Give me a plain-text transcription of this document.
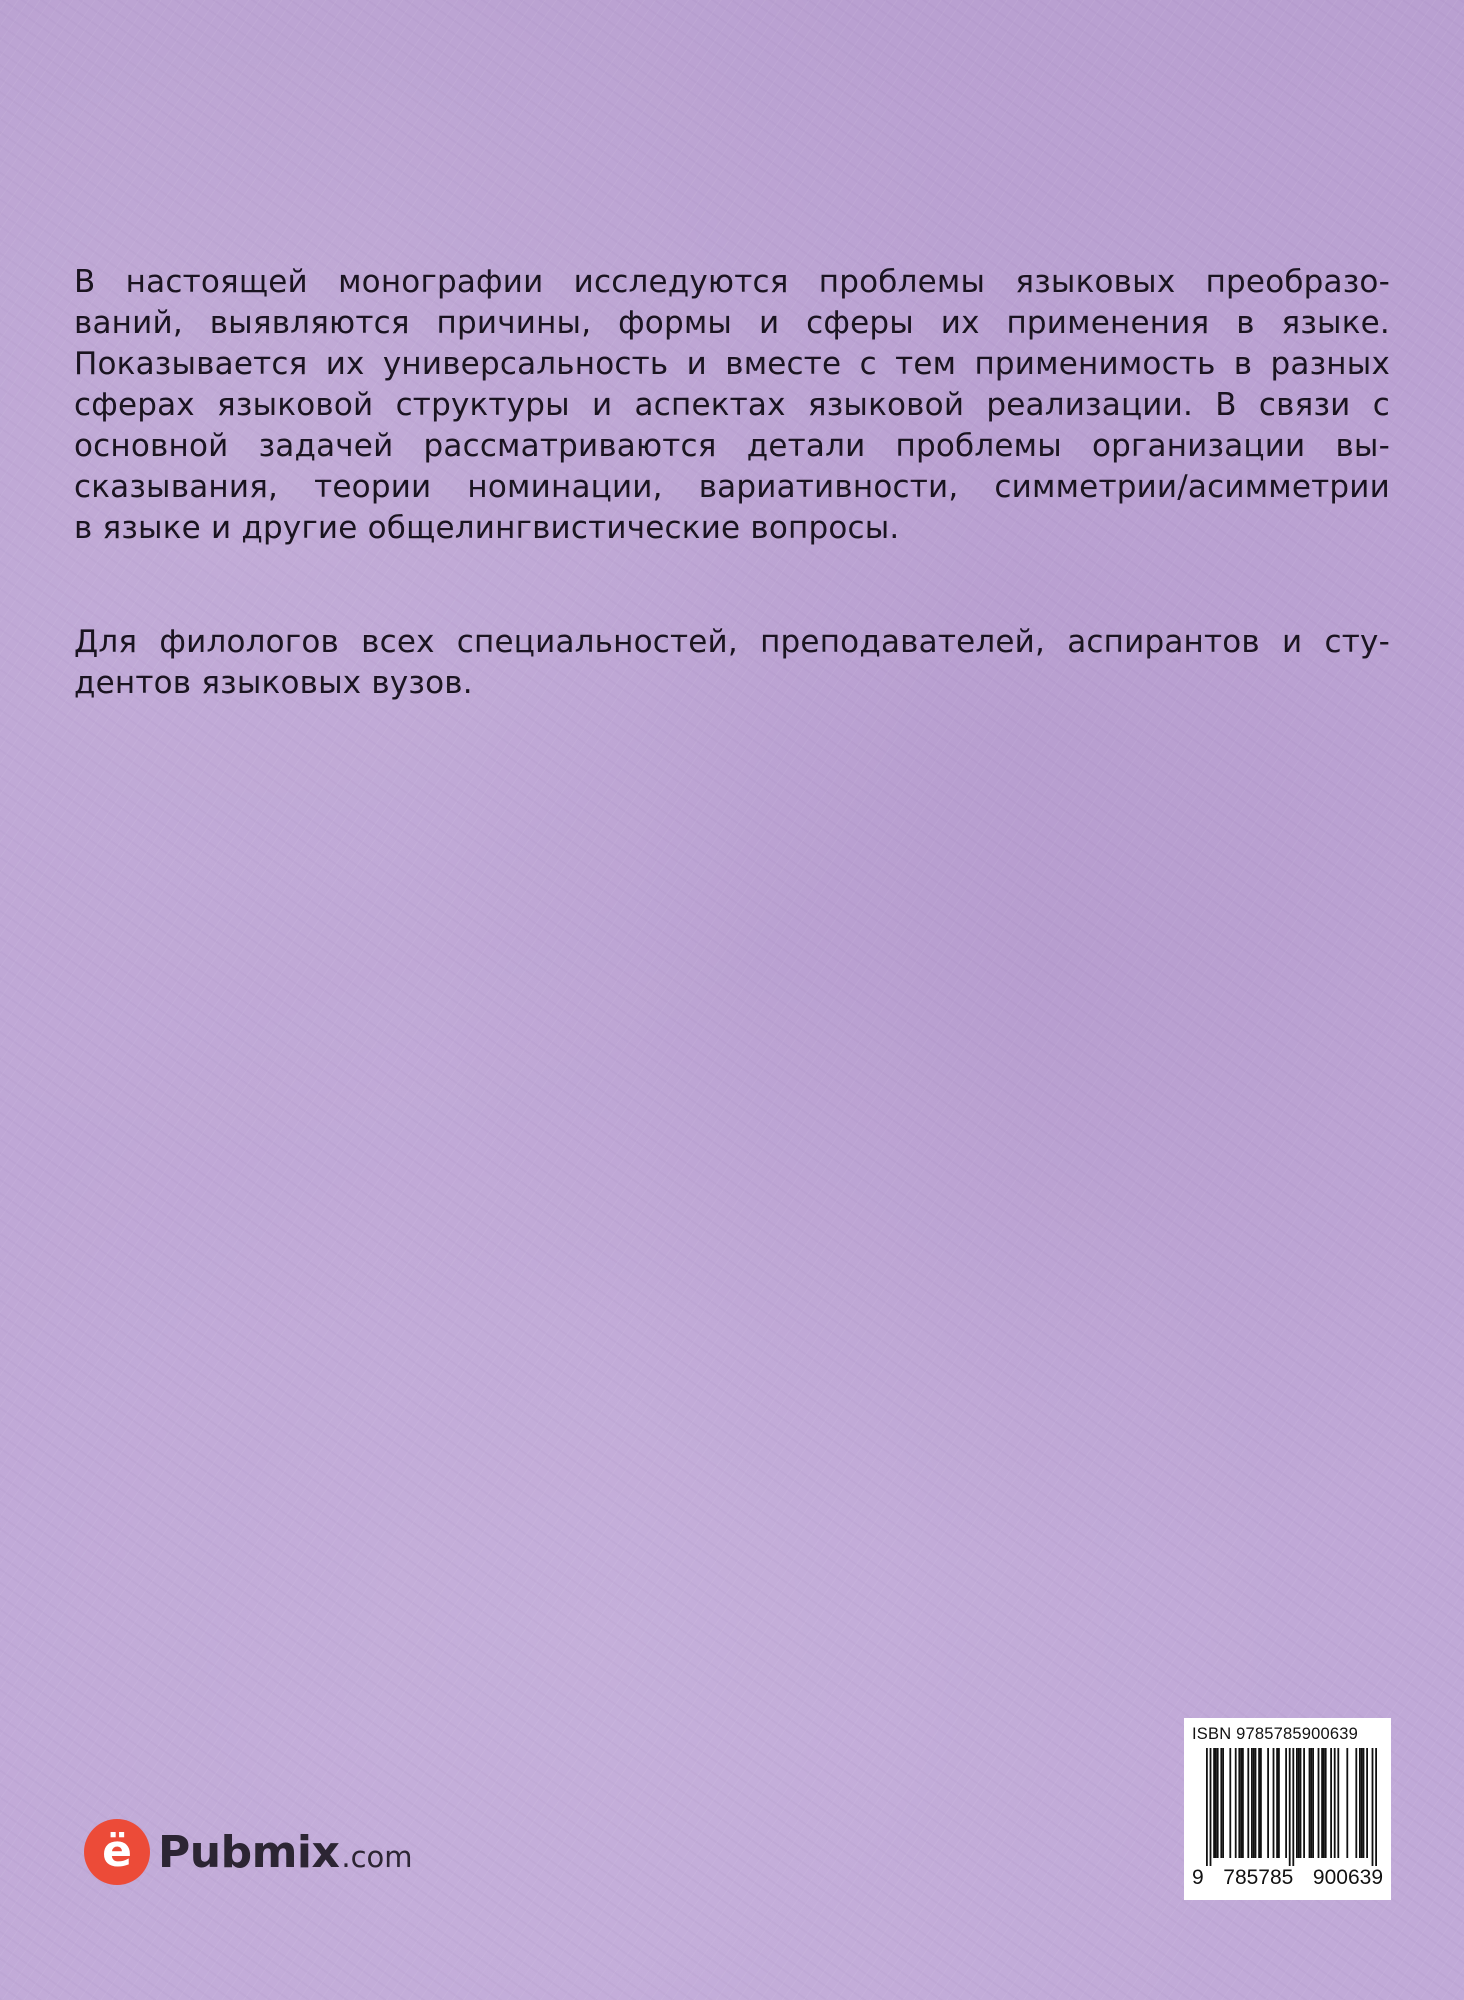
В настоящей монографии исследуются проблемы языковых преобразо-
ваний, выявляются причины, формы и сферы их применения в языке.
Показывается их универсальность и вместе с тем применимость в разных
сферах языковой структуры и аспектах языковой реализации. В связи с
основной задачей рассматриваются детали проблемы организации вы-
сказывания, теории номинации, вариативности, симметрии/асимметрии
в языке и другие общелингвистические вопросы.
Для филологов всех специальностей, преподавателей, аспирантов и сту-
дентов языковых вузов.
ё Pubmix .com
ISBN 9785785900639
9 785785 900639
